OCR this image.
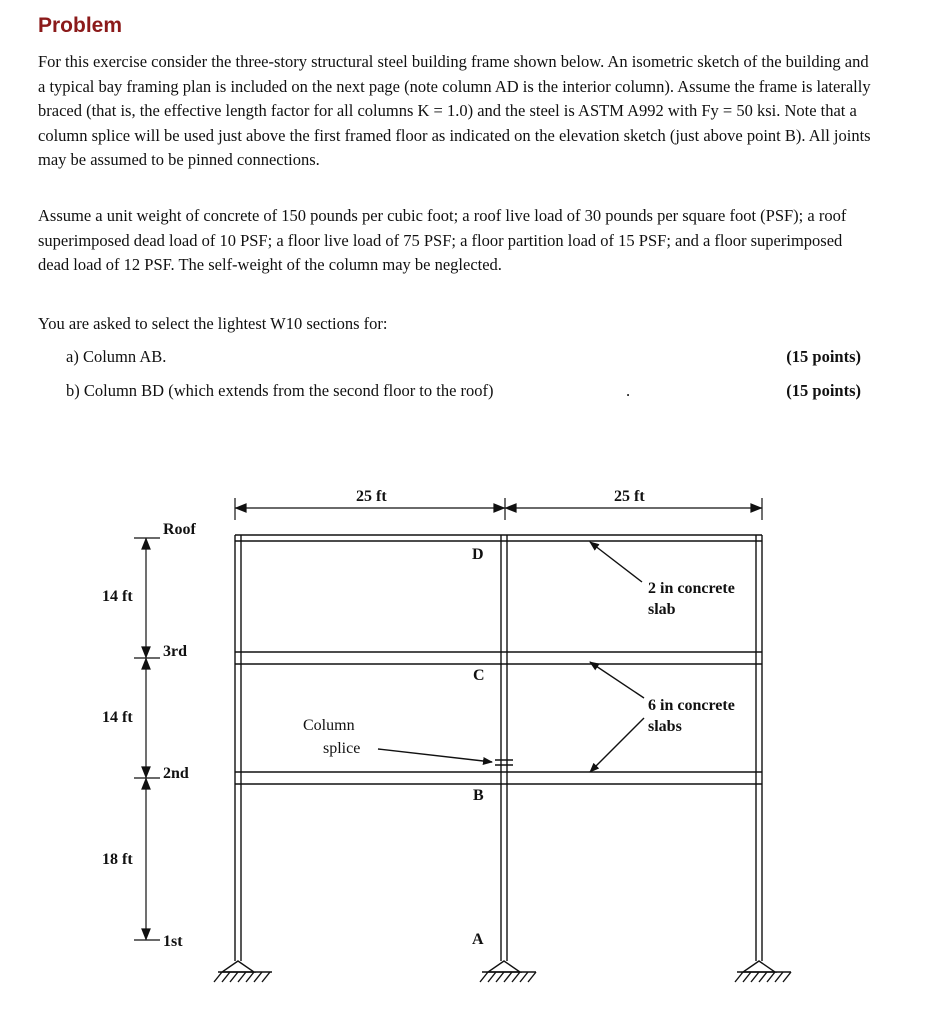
Problem

For this exercise consider the three-story structural steel building frame shown below. An isometric sketch of the building and a typical bay framing plan is included on the next page (note column AD is the interior column). Assume the frame is laterally braced (that is, the effective length factor for all columns K = 1.0) and the steel is ASTM A992 with Fy = 50 ksi. Note that a column splice will be used just above the first framed floor as indicated on the elevation sketch (just above point B). All joints may be assumed to be pinned connections.

Assume a unit weight of concrete of 150 pounds per cubic foot; a roof live load of 30 pounds per square foot (PSF); a roof superimposed dead load of 10 PSF; a floor live load of 75 PSF; a floor partition load of 15 PSF; and a floor superimposed dead load of 12 PSF. The self-weight of the column may be neglected.

You are asked to select the lightest W10 sections for:

a) Column AB.	(15 points)
b) Column BD (which extends from the second floor to the roof)	(15 points)
.
25 ft	25 ft
Roof
3rd
2nd
1st
14 ft
14 ft
18 ft
D
C
B
A
2 in concrete
slab
6 in concrete
slabs
Column
splice
